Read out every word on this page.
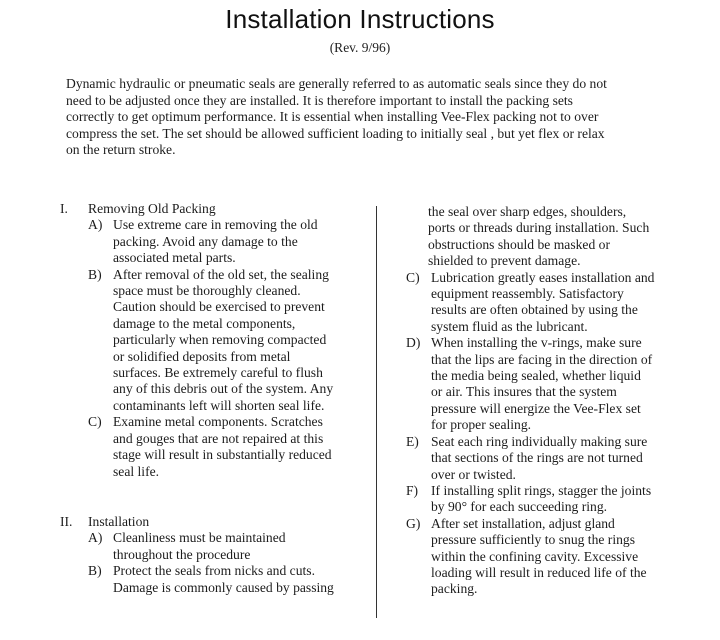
Installation Instructions
(Rev. 9/96)
Dynamic hydraulic or pneumatic seals are generally referred to as automatic seals since they do not
need to be adjusted once they are installed. It is therefore important to install the packing sets
correctly to get optimum performance. It is essential when installing Vee-Flex packing not to over
compress the set. The set should be allowed sufficient loading to initially seal , but yet flex or relax
on the return stroke.
I.	Removing Old Packing
A) Use extreme care in removing the old
packing. Avoid any damage to the
associated metal parts.
B) After removal of the old set, the sealing
space must be thoroughly cleaned.
Caution should be exercised to prevent
damage to the metal components,
particularly when removing compacted
or solidified deposits from metal
surfaces. Be extremely careful to flush
any of this debris out of the system. Any
contaminants left will shorten seal life.
C) Examine metal components. Scratches
and gouges that are not repaired at this
stage will result in substantially reduced
seal life.
II.	Installation
A) Cleanliness must be maintained
throughout the procedure
B) Protect the seals from nicks and cuts.
Damage is commonly caused by passing
the seal over sharp edges, shoulders,
ports or threads during installation. Such
obstructions should be masked or
shielded to prevent damage.
C) Lubrication greatly eases installation and
equipment reassembly. Satisfactory
results are often obtained by using the
system fluid as the lubricant.
D) When installing the v-rings, make sure
that the lips are facing in the direction of
the media being sealed, whether liquid
or air. This insures that the system
pressure will energize the Vee-Flex set
for proper sealing.
E) Seat each ring individually making sure
that sections of the rings are not turned
over or twisted.
F) If installing split rings, stagger the joints
by 90° for each succeeding ring.
G) After set installation, adjust gland
pressure sufficiently to snug the rings
within the confining cavity. Excessive
loading will result in reduced life of the
packing.
